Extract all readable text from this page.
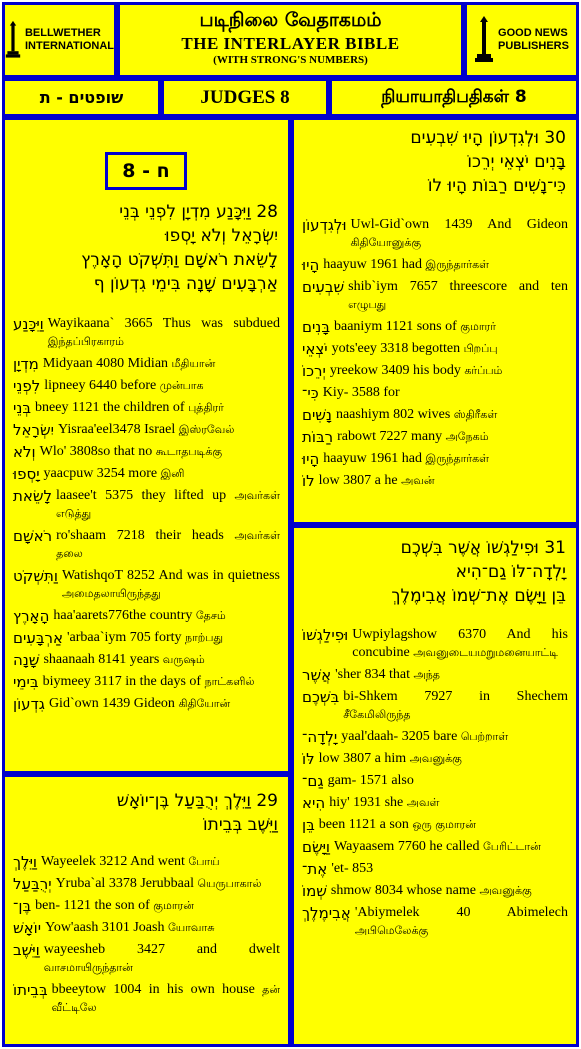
BELLWETHER
INTERNATIONAL
படிநிலை வேதாகமம்
THE INTERLAYER BIBLE
(WITH STRONG'S NUMBERS)
GOOD NEWS
PUBLISHERS
שופטים - ת	JUDGES 8	நியாயாதிபதிகள் 8
ח - 8
28 וַיִּכָּנַע מִדְיָן לִפְנֵי בְּנֵי
יִשְׂרָאֵל וְלֹא יָסְפוּ
לָשֵׂאת רֹאשָׁם וַתִּשְׁקֹט הָאָרֶץ
אַרְבָּעִים שָׁנָה בִּימֵי גִדְעוֹן ף
וַיִּכָּנַע Wayikaana` 3665 Thus was subdued இந்தப்பிரகாரம்
מִדְיָן Midyaan 4080 Midian மீதியான்
לִפְנֵי lipneey 6440 before முன்பாக
בְּנֵי bneey 1121 the children of புத்திரர்
יִשְׂרָאֵל Yisraa'eel3478 Israel இஸ்ரவேல்
וְלֹא Wlo' 3808so that no கூடாதபடிக்கு
יָסְפוּ yaacpuw 3254 more இனி
לָשֵׂאת laasee't 5375 they lifted up அவர்கள் எடுத்து
רֹאשָׁם ro'shaam 7218 their heads அவர்கள் தலை
וַתִּשְׁקֹט WatishqoT 8252 And was in quietness அமைதலாயிருந்தது
הָאָרֶץ haa'aarets776the country தேசம்
אַרְבָּעִים 'arbaa`iym 705 forty நாற்பது
שָׁנָה shaanaah 8141 years வருஷம்
בִּימֵי biymeey 3117 in the days of நாட்களில்
גִדְעוֹן Gid`own 1439 Gideon கிதியோன்
29 וַיֵּלֶךְ יְרֻבַּעַל בֶּן־יוֹאָשׁ
וַיֵּשֶׁב בְּבֵיתוֹ
וַיֵּלֶךְ Wayeelek 3212 And went போய்
יְרֻבַּעַל Yruba`al 3378 Jerubbaal யெருபாகால்
בֶּן־ ben- 1121 the son of குமாரன்
יוֹאָשׁ Yow'aash 3101 Joash யோவாசு
וַיֵּשֶׁב wayeesheb 3427 and dwelt வாசமாயிருந்தான்
בְּבֵיתוֹ bbeeytow 1004 in his own house தன் வீட்டிலே
30 וּלְגִדְעוֹן הָיוּ שִׁבְעִים
בָּנִים יֹצְאֵי יְרֵכוֹ
כִּי־נָשִׁים רַבּוֹת הָיוּ לוֹ
וּלְגִדְעוֹן Uwl-Gid`own 1439 And Gideon கிதியோனுக்கு
הָיוּ haayuw 1961 had இருந்தார்கள்
שִׁבְעִים shib`iym 7657 threescore and ten எழுபது
בָּנִים baaniym 1121 sons of குமாரர்
יֹצְאֵי yots'eey 3318 begotten பிறப்பு
יְרֵכוֹ yreekow 3409 his body கர்ப்பம்
כִּי־ Kiy- 3588 for
נָשִׁים naashiym 802 wives ஸ்திரீகள்
רַבּוֹת rabowt 7227 many அநேகம்
הָיוּ haayuw 1961 had இருந்தார்கள்
לוֹ low 3807 a he அவன்
31 וּפִילַגְשׁוֹ אֲשֶׁר בִּשְׁכֶם
יָלְדָה־לּוֹ גַם־הִיא
בֵּן וַיָּשֶׂם אֶת־שְׁמוֹ אֲבִימֶלֶךְ
וּפִילַגְשׁוֹ Uwpiylagshow 6370 And his concubine அவனுடையமறுமனையாட்டி
אֲשֶׁר 'sher 834 that அந்த
בִּשְׁכֶם bi-Shkem 7927 in Shechem சீகேமிலிருந்த
יָלְדָה־ yaal'daah- 3205 bare பெற்றாள்
לּוֹ low 3807 a him அவனுக்கு
גַם־ gam- 1571 also
הִיא hiy' 1931 she அவள்
בֵּן been 1121 a son ஒரு குமாரன்
וַיָּשֶׂם Wayaasem 7760 he called பேரிட்டான்
אֶת־ 'et- 853
שְׁמוֹ shmow 8034 whose name அவனுக்கு
אֲבִימֶלֶךְ 'Abiymelek 40 Abimelech அபிமெலேக்கு
